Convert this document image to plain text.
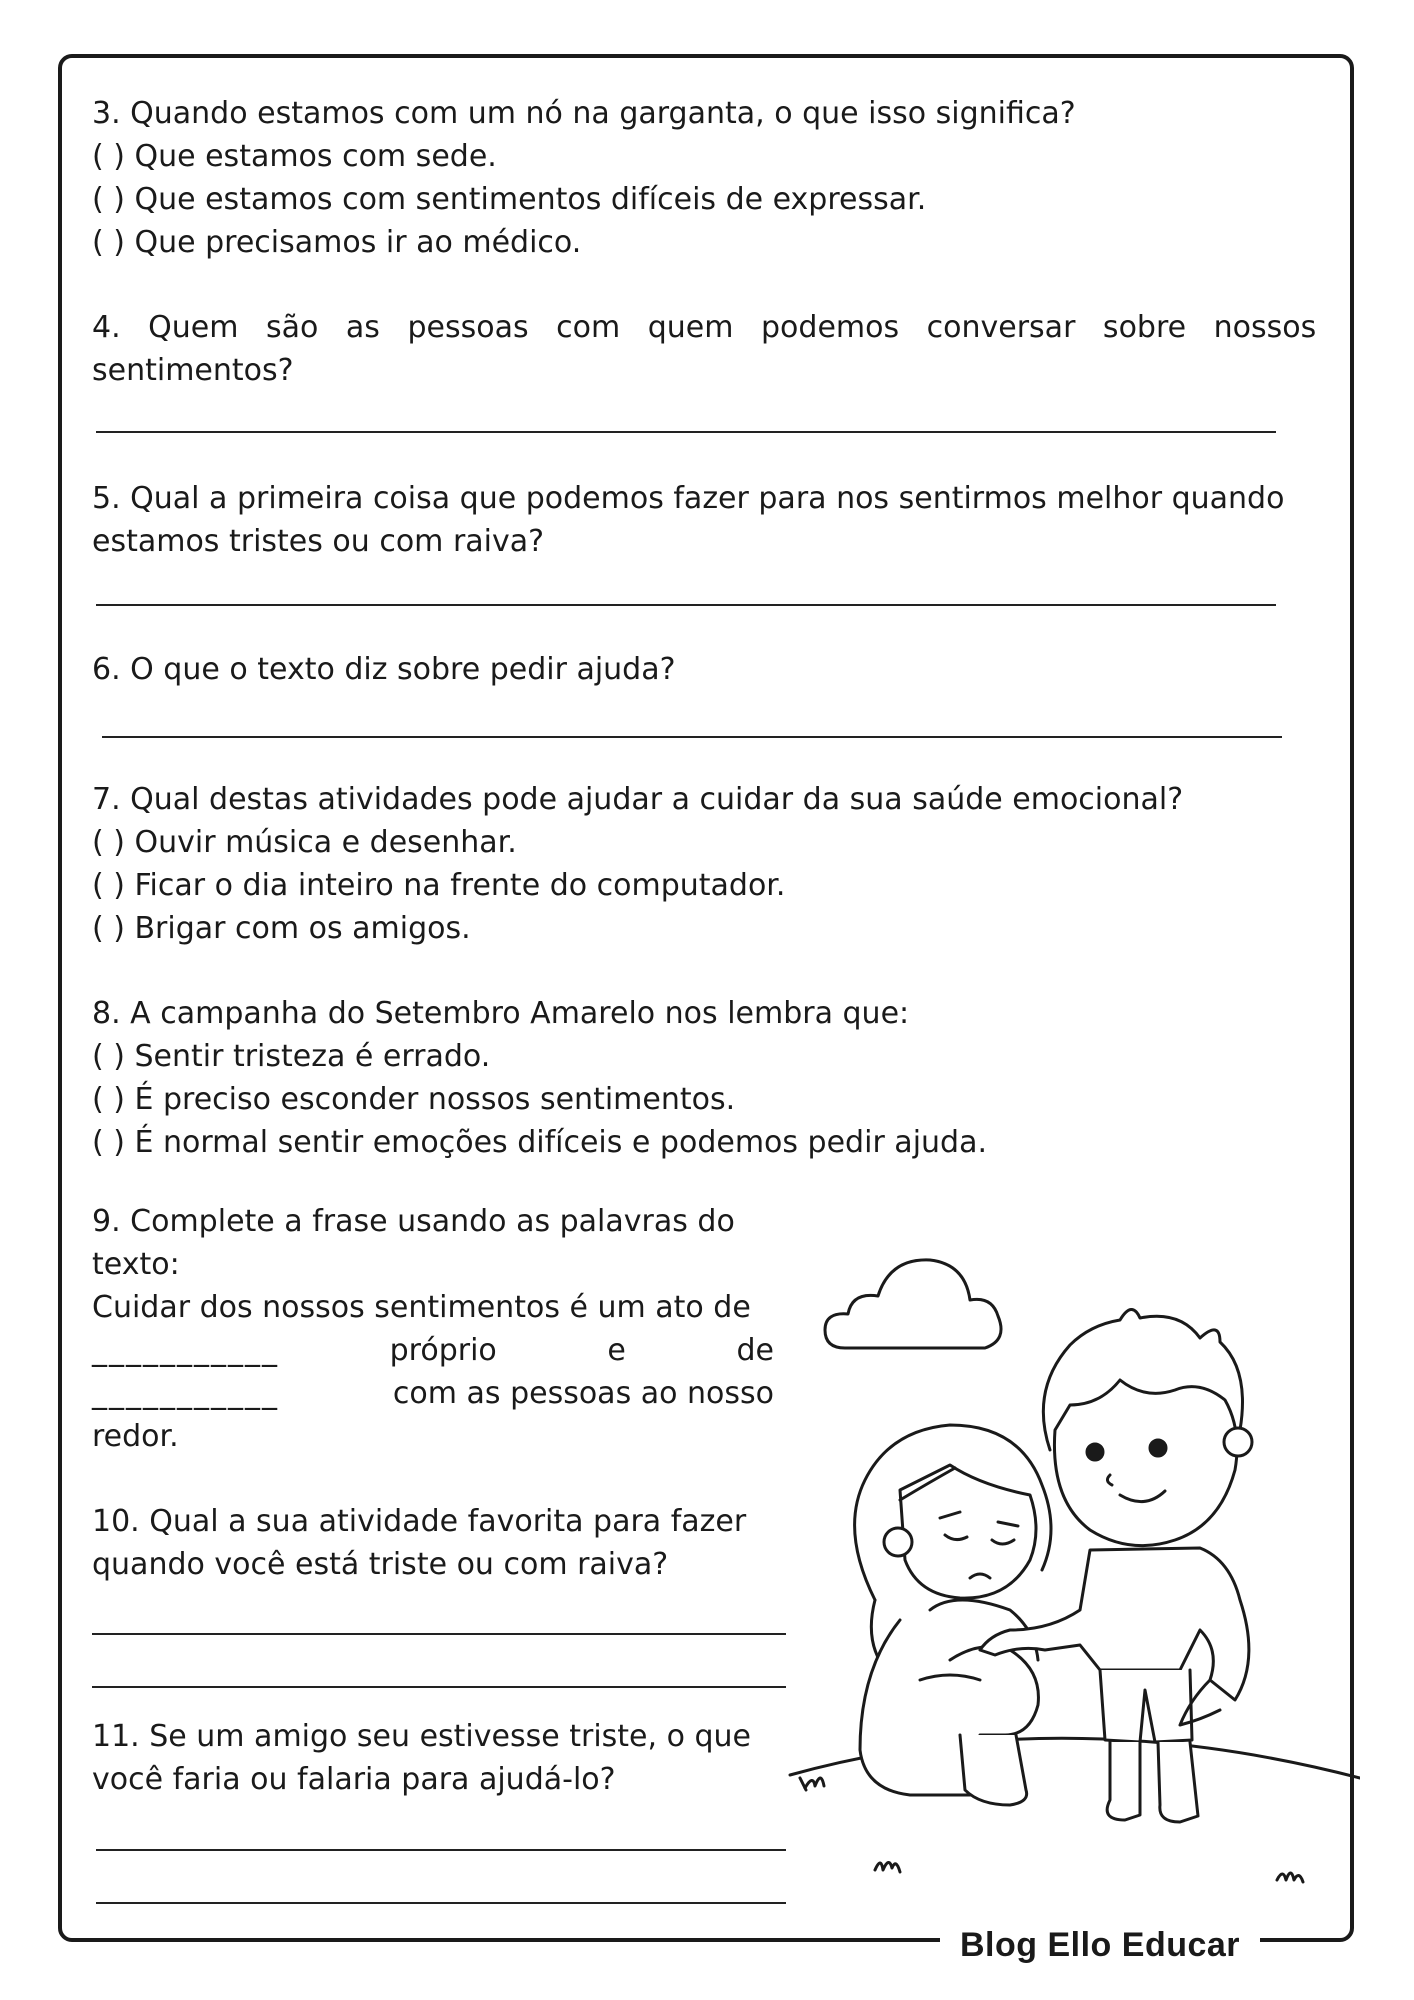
3. Quando estamos com um nó na garganta, o que isso significa?

( ) Que estamos com sede.

( ) Que estamos com sentimentos difíceis de expressar.

( ) Que precisamos ir ao médico.

4. Quem são as pessoas com quem podemos conversar sobre nossos

sentimentos?

5. Qual a primeira coisa que podemos fazer para nos sentirmos melhor quando

estamos tristes ou com raiva?

6. O que o texto diz sobre pedir ajuda?

7. Qual destas atividades pode ajudar a cuidar da sua saúde emocional?

( ) Ouvir música e desenhar.

( ) Ficar o dia inteiro na frente do computador.

( ) Brigar com os amigos.

8. A campanha do Setembro Amarelo nos lembra que:

( ) Sentir tristeza é errado.

( ) É preciso esconder nossos sentimentos.

( ) É normal sentir emoções difíceis e podemos pedir ajuda.

9. Complete a frase usando as palavras do

texto:

Cuidar dos nossos sentimentos é um ato de

___________	próprio	e	de

___________	com as pessoas ao nosso

redor.

10. Qual a sua atividade favorita para fazer

quando você está triste ou com raiva?

11. Se um amigo seu estivesse triste, o que

você faria ou falaria para ajudá-lo?

Blog Ello Educar
